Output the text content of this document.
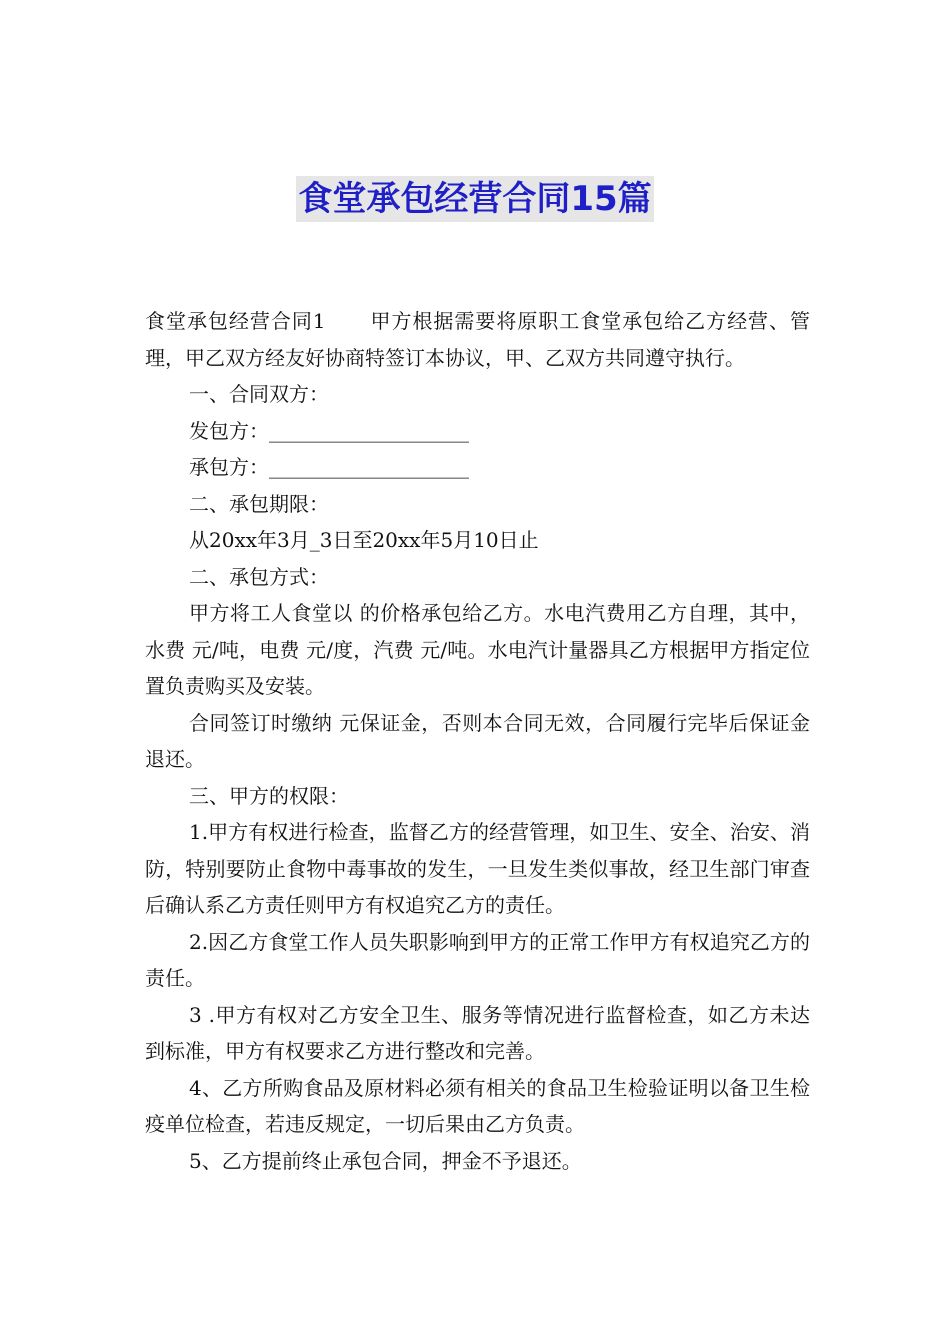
食堂承包经营合同15篇

食堂承包经营合同1 甲方根据需要将原职工食堂承包给乙方经营、管理，甲乙双方经友好协商特签订本协议，甲、乙双方共同遵守执行。

一、合同双方：

发包方：____________________

承包方：____________________

二、承包期限：

从20xx年3月_3日至20xx年5月10日止

二、承包方式：

甲方将工人食堂以 的价格承包给乙方。水电汽费用乙方自理，其中，水费 元/吨，电费 元/度，汽费 元/吨。水电汽计量器具乙方根据甲方指定位置负责购买及安装。

合同签订时缴纳 元保证金，否则本合同无效，合同履行完毕后保证金退还。

三、甲方的权限：

1.甲方有权进行检查，监督乙方的经营管理，如卫生、安全、治安、消防，特别要防止食物中毒事故的发生，一旦发生类似事故，经卫生部门审查后确认系乙方责任则甲方有权追究乙方的责任。

2.因乙方食堂工作人员失职影响到甲方的正常工作甲方有权追究乙方的责任。

3 .甲方有权对乙方安全卫生、服务等情况进行监督检查，如乙方未达到标准，甲方有权要求乙方进行整改和完善。

4、乙方所购食品及原材料必须有相关的食品卫生检验证明以备卫生检疫单位检查，若违反规定，一切后果由乙方负责。

5、乙方提前终止承包合同，押金不予退还。
